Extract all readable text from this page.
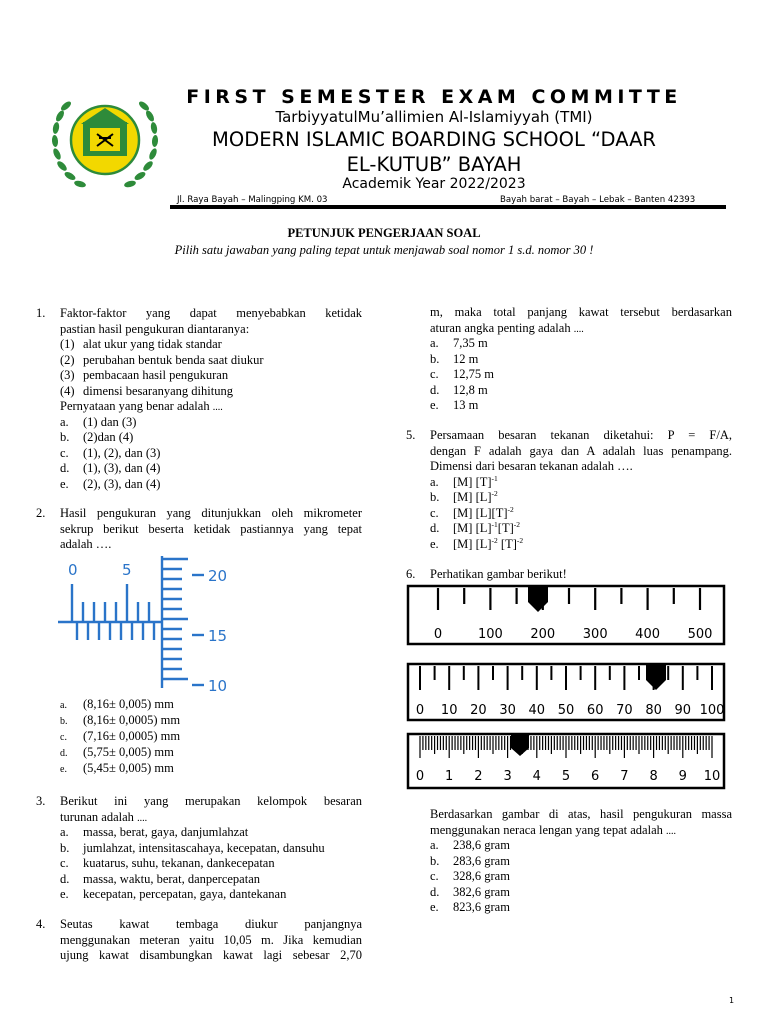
FIRST SEMESTER EXAM COMMITTE
TarbiyyatulMu’allimien Al-Islamiyyah (TMI)
MODERN ISLAMIC BOARDING SCHOOL “DAAR
EL-KUTUB” BAYAH
Academik Year 2022/2023
Jl. Raya Bayah – Malingping KM. 03	Bayah barat – Bayah – Lebak – Banten 42393
PETUNJUK PENGERJAAN SOAL
Pilih satu jawaban yang paling tepat untuk menjawab soal nomor 1 s.d. nomor 30 !
1. Faktor-faktor yang dapat menyebabkan ketidak
pastian hasil pengukuran diantaranya:
(1) alat ukur yang tidak standar
(2) perubahan bentuk benda saat diukur
(3) pembacaan hasil pengukuran
(4) dimensi besaranyang dihitung
Pernyataan yang benar adalah ....
a. (1) dan (3)
b. (2)dan (4)
c. (1), (2), dan (3)
d. (1), (3), dan (4)
e. (2), (3), dan (4)
2. Hasil pengukuran yang ditunjukkan oleh mikrometer
sekrup berikut beserta ketidak pastiannya yang tepat
adalah ….
0	5	20
15
10
a. (8,16± 0,005) mm
b. (8,16± 0,0005) mm
c. (7,16± 0,0005) mm
d. (5,75± 0,005) mm
e. (5,45± 0,005) mm
3. Berikut ini yang merupakan kelompok besaran
turunan adalah ....
a. massa, berat, gaya, danjumlahzat
b. jumlahzat, intensitascahaya, kecepatan, dansuhu
c. kuatarus, suhu, tekanan, dankecepatan
d. massa, waktu, berat, danpercepatan
e. kecepatan, percepatan, gaya, dantekanan
4. Seutas kawat tembaga diukur panjangnya
menggunakan meteran yaitu 10,05 m. Jika kemudian
ujung kawat disambungkan kawat lagi sebesar 2,70
m, maka total panjang kawat tersebut berdasarkan
aturan angka penting adalah ....
a. 7,35 m
b. 12 m
c. 12,75 m
d. 12,8 m
e. 13 m
5. Persamaan besaran tekanan diketahui: P = F/A,
dengan F adalah gaya dan A adalah luas penampang.
Dimensi dari besaran tekanan adalah ….
a. [M] $[T]^{-1}$
b. [M] $[L]^{-2}$
c. [M] $[L][T]^{-2}$
d. [M] $[L]^{-1}[T]^{-2}$
e. [M] $[L]^{-2}$ $[T]^{-2}$
6. Perhatikan gambar berikut!
0	100 200 300 400 500
0 10 20 30 40 50 60 70 80 90 100
0 1 2 3 4 5 6 7 8 9 10
Berdasarkan gambar di atas, hasil pengukuran massa
menggunakan neraca lengan yang tepat adalah ....
a. 238,6 gram
b. 283,6 gram
c. 328,6 gram
d. 382,6 gram
e. 823,6 gram
1
